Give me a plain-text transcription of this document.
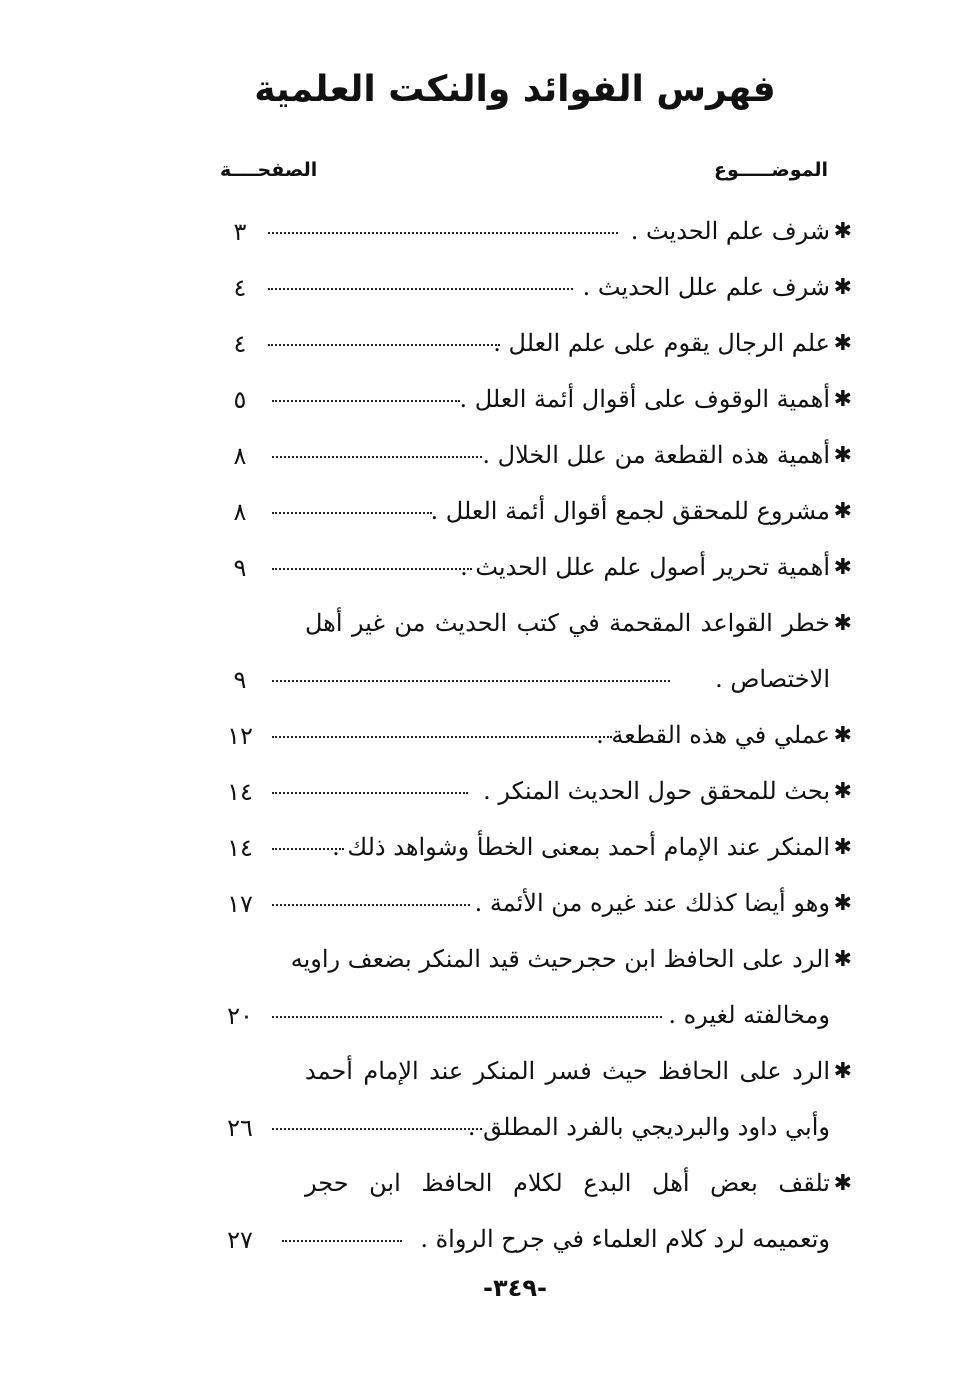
فهرس الفوائد والنكت العلمية
الموضـــــوع
الصفحــــة
✱
شرف علم الحديث .
٣
✱
شرف علم علل الحديث .
٤
✱
علم الرجال يقوم على علم العلل .
٤
✱
أهمية الوقوف على أقوال أئمة العلل .
٥
✱
أهمية هذه القطعة من علل الخلال .
٨
✱
مشروع للمحقق لجمع أقوال أئمة العلل .
٨
✱
أهمية تحرير أصول علم علل الحديث .
٩
✱
خطر القواعد المقحمة في كتب الحديث من غير أهل
الاختصاص .
٩
✱
عملي في هذه القطعة .
١٢
✱
بحث للمحقق حول الحديث المنكر .
١٤
✱
المنكر عند الإمام أحمد بمعنى الخطأ وشواهد ذلك .
١٤
✱
وهو أيضا كذلك عند غيره من الأئمة .
١٧
✱
الرد على الحافظ ابن حجرحيث قيد المنكر بضعف راويه
ومخالفته لغيره .
٢٠
✱
الرد على الحافظ حيث فسر المنكر عند الإمام أحمد
وأبي داود والبرديجي بالفرد المطلق .
٢٦
✱
تلقف بعض أهل البدع لكلام الحافظ ابن حجر
وتعميمه لرد كلام العلماء في جرح الرواة .
٢٧
-٣٤٩-
